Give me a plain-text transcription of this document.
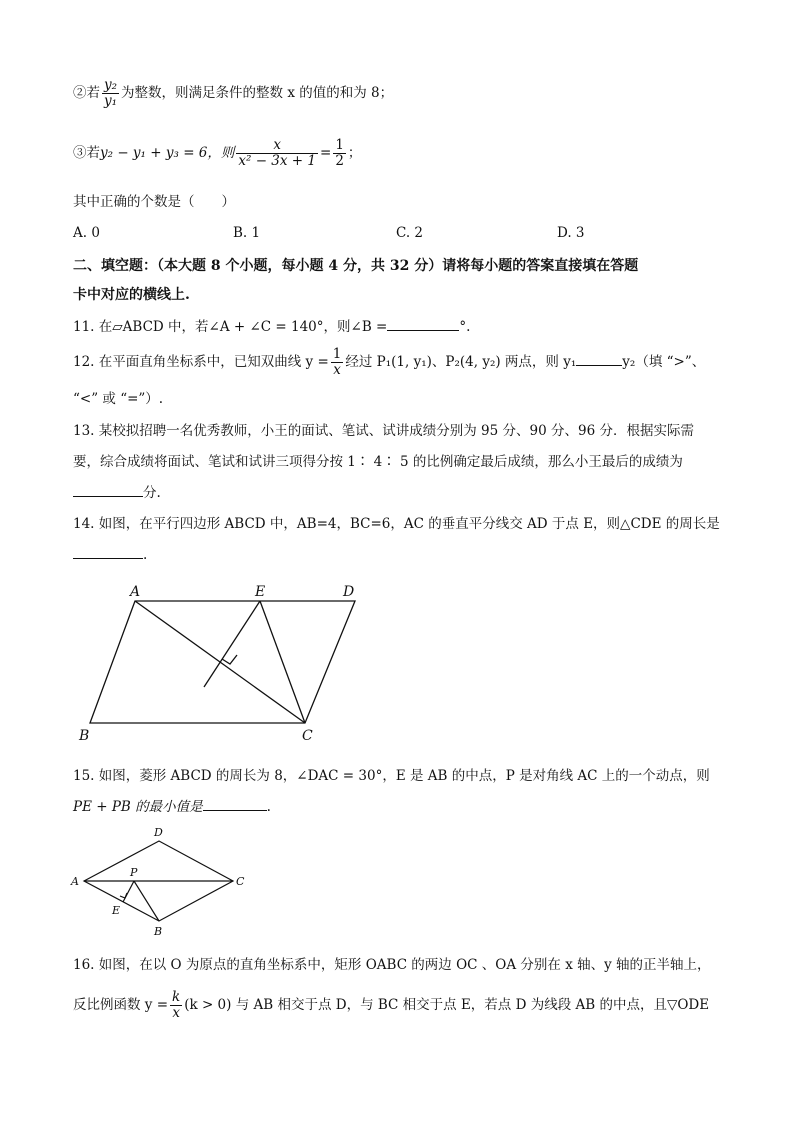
②若 $\frac{\text{y₂}}{\text{y₁}}$ 为整数，则满足条件的整数 x 的值的和为 8；
③若y₂ − y₁ + y₃ = 6，则 $\frac{x}{\text{x² − 3x + 1}} = \frac{1}{2}$ ；
其中正确的个数是（　　）
A. 0	B. 1	C. 2	D. 3
二、填空题：（本大题 8 个小题，每小题 4 分，共 32 分）请将每小题的答案直接填在答题
卡中对应的横线上.
11. 在▱ABCD 中，若∠A + ∠C = 140°，则∠B =	°.
12. 在平面直角坐标系中，已知双曲线 $y = \frac{1}{x}$ 经过 P₁(1, y₁)、P₂(4, y₂) 两点，则 y₁	y₂（填 “>”、
“<” 或 “=”）.
13. 某校拟招聘一名优秀教师，小王的面试、笔试、试讲成绩分别为 95 分、90 分、96 分．根据实际需
要，综合成绩将面试、笔试和试讲三项得分按 1∶ 4∶ 5 的比例确定最后成绩，那么小王最后的成绩为
分.
14. 如图，在平行四边形 ABCD 中，AB=4，BC=6，AC 的垂直平分线交 AD 于点 E，则△CDE 的周长是
.
A	E	D
B	C
15. 如图，菱形 ABCD 的周长为 8，∠DAC = 30°，E 是 AB 的中点，P 是对角线 AC 上的一个动点，则
PE + PB 的最小值是	.
D
A
P
C
E
B
16. 如图，在以 O 为原点的直角坐标系中，矩形 OABC 的两边 OC 、OA 分别在 x 轴、y 轴的正半轴上，
反比例函数 $y = \frac{k}{x} (k > 0)$ 与 AB 相交于点 D，与 BC 相交于点 E，若点 D 为线段 AB 的中点，且▽ODE
